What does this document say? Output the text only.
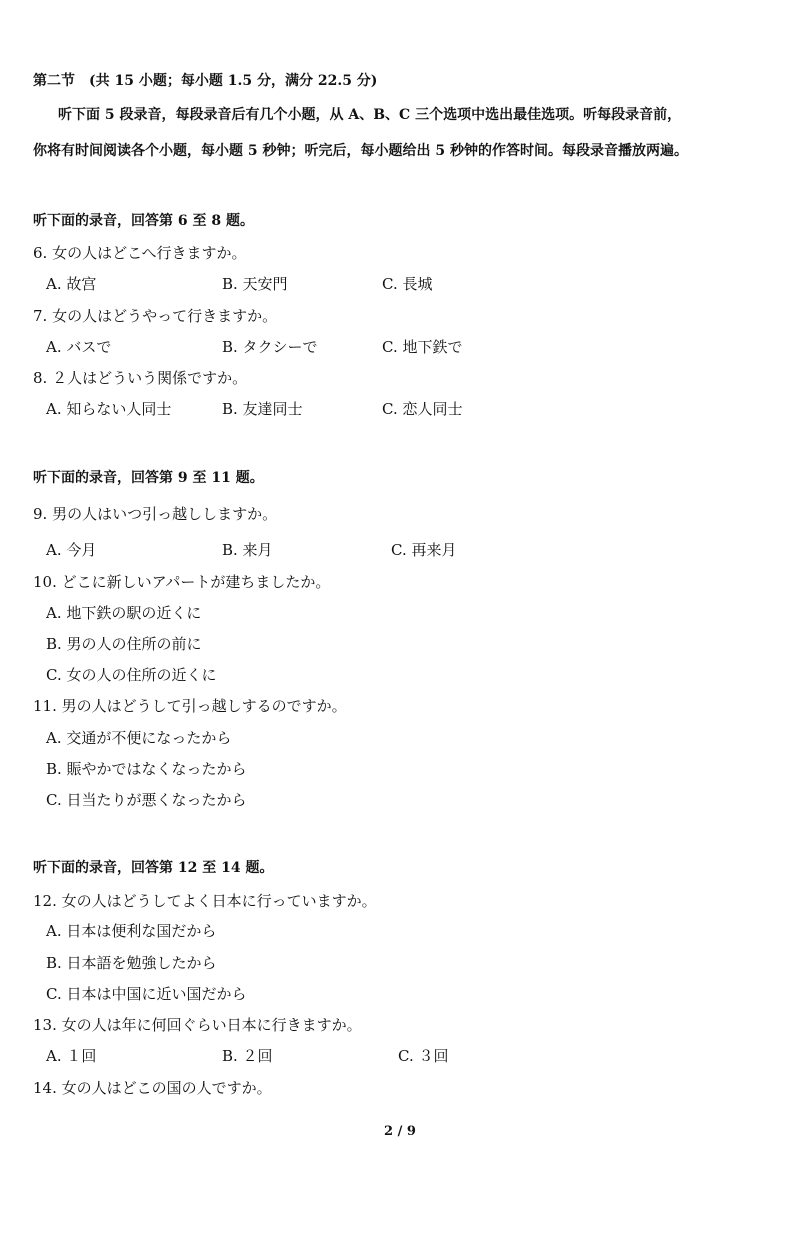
第二节　(共 15 小题；每小题 1.5 分，满分 22.5 分)
听下面 5 段录音，每段录音后有几个小题，从 A、B、C 三个选项中选出最佳选项。听每段录音前，
你将有时间阅读各个小题，每小题 5 秒钟；听完后，每小题给出 5 秒钟的作答时间。每段录音播放两遍。
听下面的录音，回答第 6 至 8 题。
6. 女の人はどこへ行きますか。
A. 故宫	B. 天安門	C. 長城
7. 女の人はどうやって行きますか。
A. バスで	B. タクシーで	C. 地下鉄で
8. ２人はどういう関係ですか。
A. 知らない人同士	B. 友達同士	C. 恋人同士
听下面的录音，回答第 9 至 11 题。
9. 男の人はいつ引っ越ししますか。
A. 今月	B. 来月	C. 再来月
10. どこに新しいアパートが建ちましたか。
A. 地下鉄の駅の近くに
B. 男の人の住所の前に
C. 女の人の住所の近くに
11. 男の人はどうして引っ越しするのですか。
A. 交通が不便になったから
B. 賑やかではなくなったから
C. 日当たりが悪くなったから
听下面的录音，回答第 12 至 14 题。
12. 女の人はどうしてよく日本に行っていますか。
A. 日本は便利な国だから
B. 日本語を勉強したから
C. 日本は中国に近い国だから
13. 女の人は年に何回ぐらい日本に行きますか。
A. １回	B. ２回	C. ３回
14. 女の人はどこの国の人ですか。
2 / 9
